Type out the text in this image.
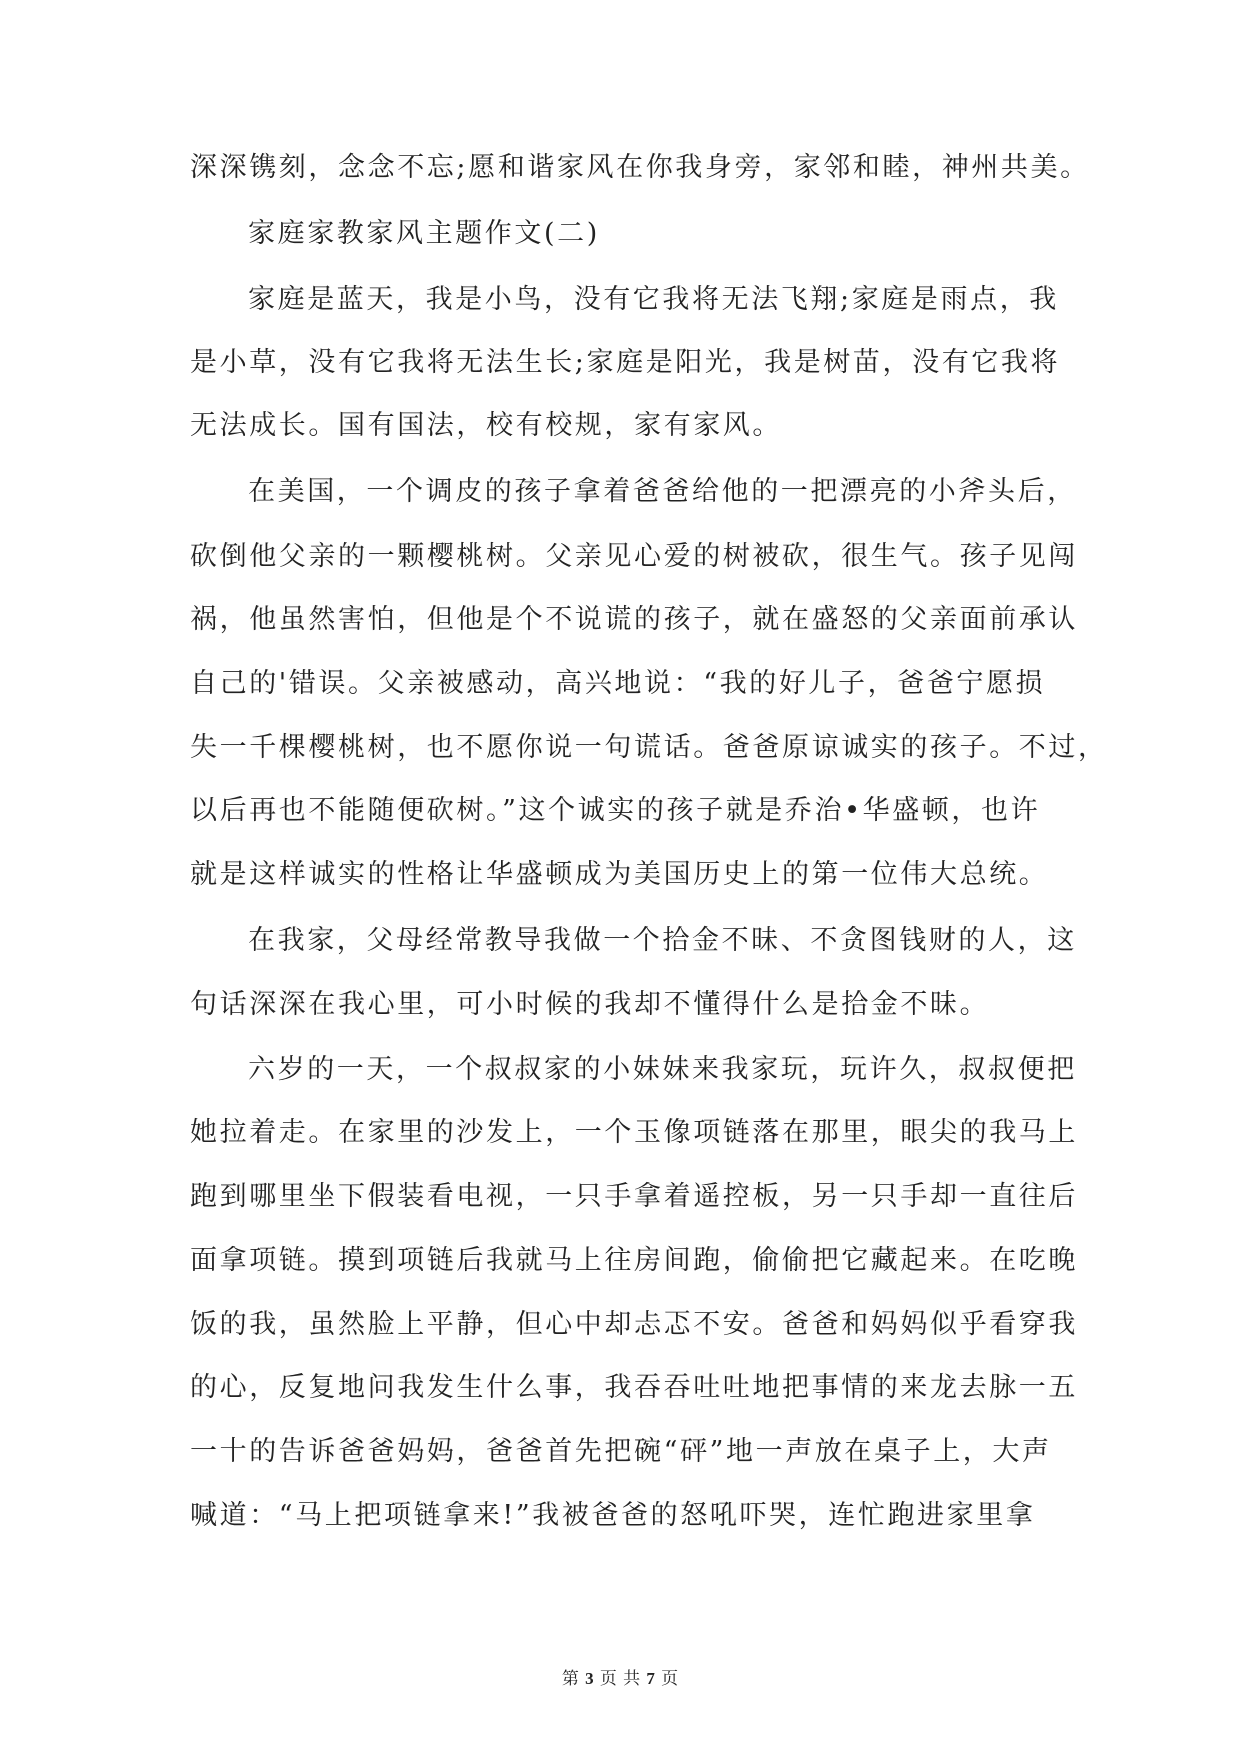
深深镌刻，念念不忘;愿和谐家风在你我身旁，家邻和睦，神州共美。
家庭家教家风主题作文(二)
家庭是蓝天，我是小鸟，没有它我将无法飞翔;家庭是雨点，我
是小草，没有它我将无法生长;家庭是阳光，我是树苗，没有它我将
无法成长。国有国法，校有校规，家有家风。
在美国，一个调皮的孩子拿着爸爸给他的一把漂亮的小斧头后，
砍倒他父亲的一颗樱桃树。父亲见心爱的树被砍，很生气。孩子见闯
祸，他虽然害怕，但他是个不说谎的孩子，就在盛怒的父亲面前承认
自己的'错误。父亲被感动，高兴地说：“我的好儿子，爸爸宁愿损
失一千棵樱桃树，也不愿你说一句谎话。爸爸原谅诚实的孩子。不过，
以后再也不能随便砍树。”这个诚实的孩子就是乔治•华盛顿，也许
就是这样诚实的性格让华盛顿成为美国历史上的第一位伟大总统。
在我家，父母经常教导我做一个拾金不昧、不贪图钱财的人，这
句话深深在我心里，可小时候的我却不懂得什么是拾金不昧。
六岁的一天，一个叔叔家的小妹妹来我家玩，玩许久，叔叔便把
她拉着走。在家里的沙发上，一个玉像项链落在那里，眼尖的我马上
跑到哪里坐下假装看电视，一只手拿着遥控板，另一只手却一直往后
面拿项链。摸到项链后我就马上往房间跑，偷偷把它藏起来。在吃晚
饭的我，虽然脸上平静，但心中却忐忑不安。爸爸和妈妈似乎看穿我
的心，反复地问我发生什么事，我吞吞吐吐地把事情的来龙去脉一五
一十的告诉爸爸妈妈，爸爸首先把碗“砰”地一声放在桌子上，大声
喊道：“马上把项链拿来!”我被爸爸的怒吼吓哭，连忙跑进家里拿
第 3 页 共 7 页
